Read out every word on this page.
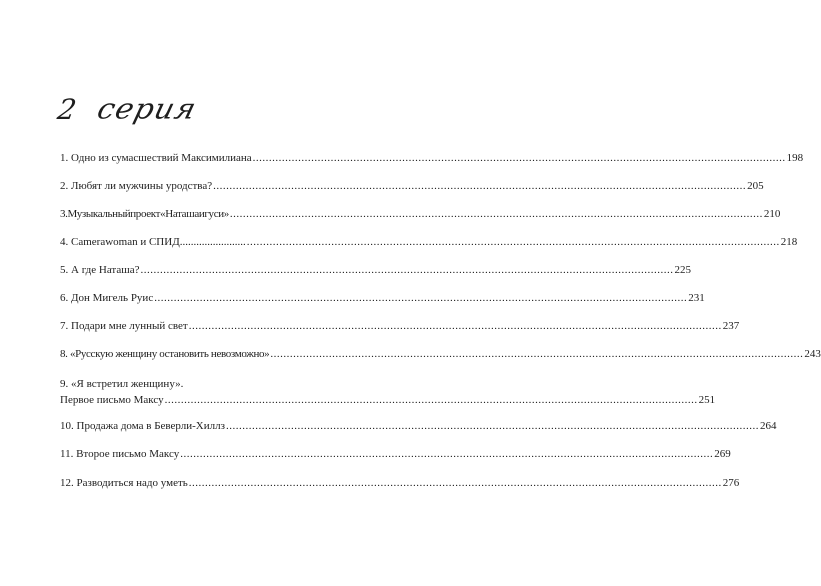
2 серия
1. Одно из сумасшествий Максимилиана .....	198
2. Любят ли мужчины уродства? .....	205
3.Музыкальныйпроект«Наташаигуси» .....	210
4. Camerawoman и СПИД........................ .....	218
5. А где Наташа? .....	225
6. Дон Мигель Руис .....	231
7. Подари мне лунный свет .....	237
8. «Русскую женщину остановить невозможно» .....	243
9. «Я встретил женщину».
Первое письмо Максу .....	251
10. Продажа дома в Беверли-Хиллз .....	264
11. Второе письмо Максу .....	269
12. Разводиться надо уметь .....	276
